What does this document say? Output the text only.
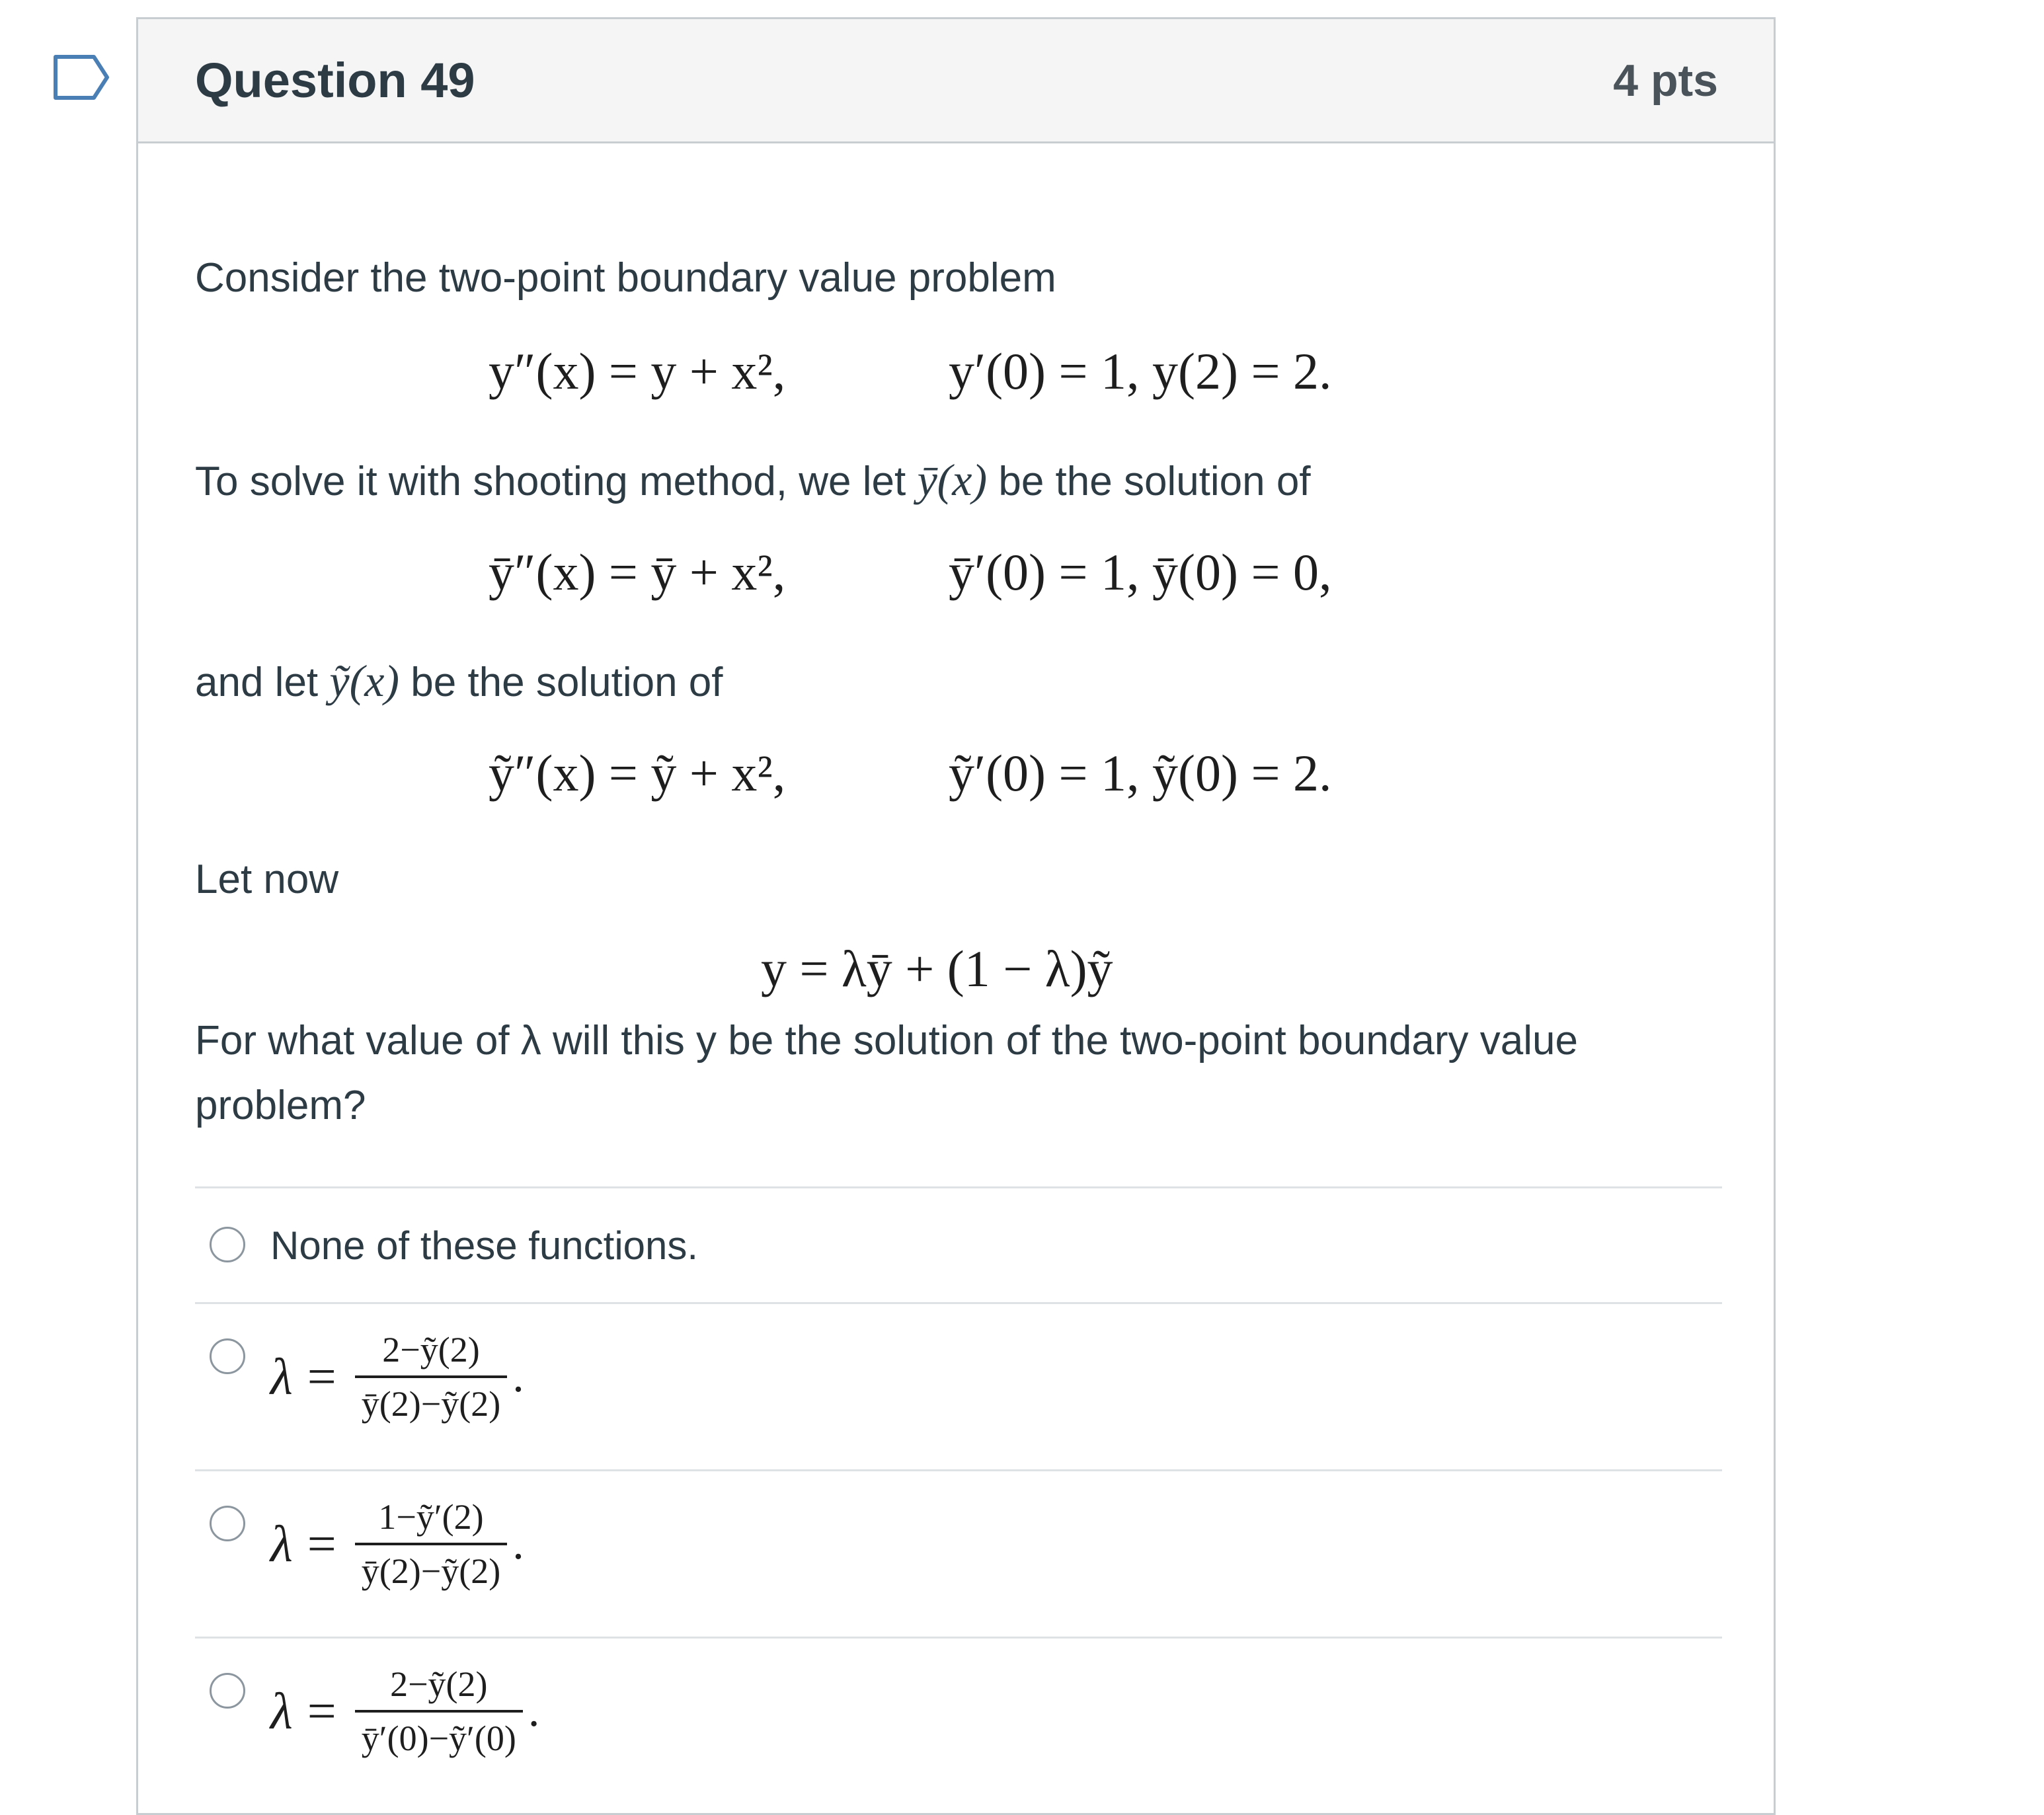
Question 49	4 pts
Consider the two-point boundary value problem
y″(x) = y + x²,	y′(0) = 1, y(2) = 2.
To solve it with shooting method, we let ȳ(x) be the solution of
ȳ″(x) = ȳ + x²,	ȳ′(0) = 1, ȳ(0) = 0,
and let ỹ(x) be the solution of
ỹ″(x) = ỹ + x²,	ỹ′(0) = 1, ỹ(0) = 2.
Let now
y = λȳ + (1 − λ)ỹ
For what value of λ will this y be the solution of the two-point boundary value
problem?
None of these functions.
$\lambda = \frac{\text{2−ỹ(2)}}{\text{ȳ(2)−ỹ(2)}}$ .
$\lambda = \frac{\text{1−ỹ′(2)}}{\text{ȳ(2)−ỹ(2)}}$ .
$\lambda = \frac{\text{2−ỹ(2)}}{\text{ȳ′(0)−ỹ′(0)}}$ .
